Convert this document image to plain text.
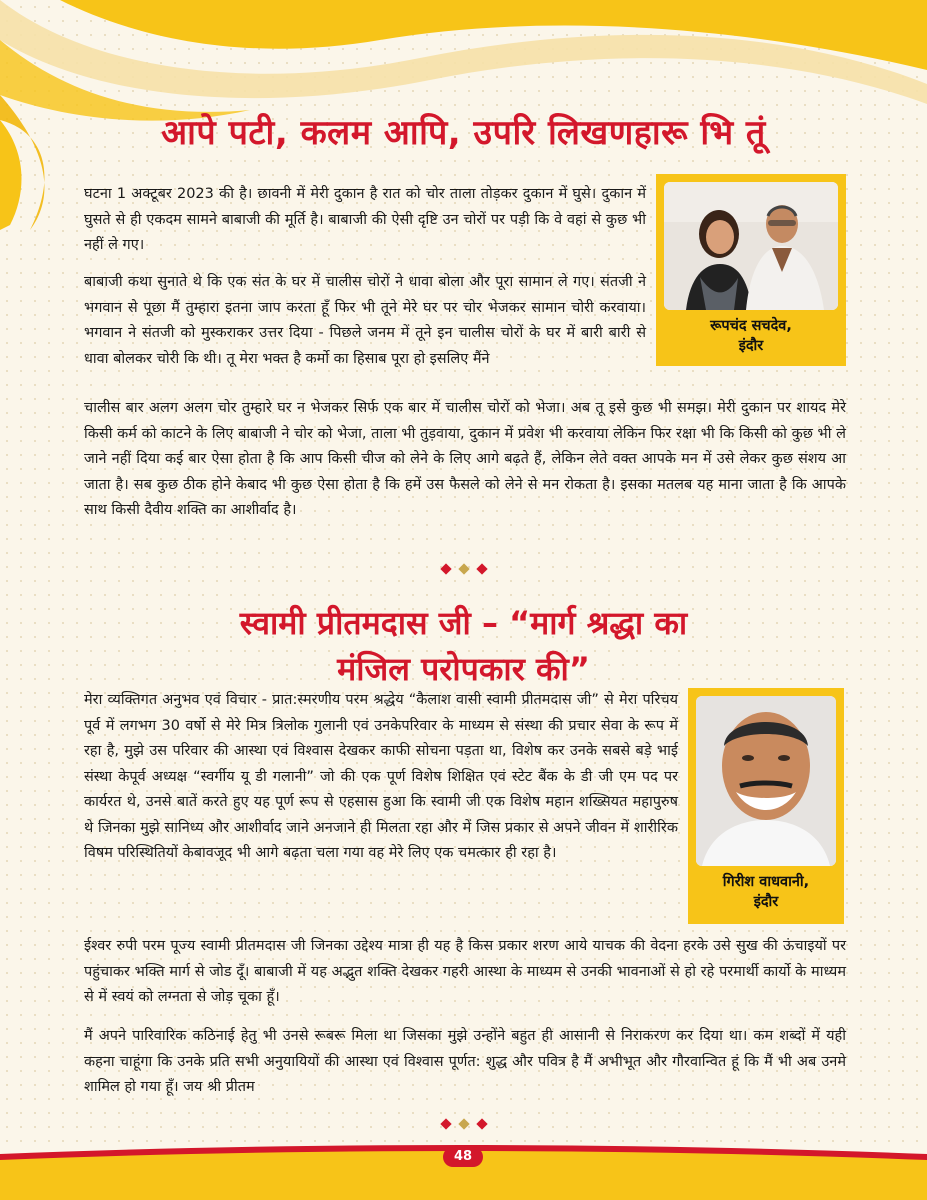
आपे पटी, कलम आपि, उपरि लिखणहारू भि तूं
रूपचंद सचदेव,
इंदौर

घटना 1 अक्टूबर 2023 की है। छावनी में मेरी दुकान है रात को चोर ताला तोड़कर दुकान में घुसे। दुकान में घुसते से ही एकदम सामने बाबाजी की मूर्ति है। बाबाजी की ऐसी दृष्टि उन चोरों पर पड़ी कि वे वहां से कुछ भी नहीं ले गए।

बाबाजी कथा सुनाते थे कि एक संत के घर में चालीस चोरों ने धावा बोला और पूरा सामान ले गए। संतजी ने भगवान से पूछा मैं तुम्हारा इतना जाप करता हूँ फिर भी तूने मेरे घर पर चोर भेजकर सामान चोरी करवाया। भगवान ने संतजी को मुस्कराकर उत्तर दिया - पिछले जनम में तूने इन चालीस चोरों के घर में बारी बारी से धावा बोलकर चोरी कि थी। तू मेरा भक्त है कर्मो का हिसाब पूरा हो इसलिए मैंने

चालीस बार अलग अलग चोर तुम्हारे घर न भेजकर सिर्फ एक बार में चालीस चोरों को भेजा। अब तू इसे कुछ भी समझ। मेरी दुकान पर शायद मेरे किसी कर्म को काटने के लिए बाबाजी ने चोर को भेजा, ताला भी तुड़वाया, दुकान में प्रवेश भी करवाया लेकिन फिर रक्षा भी कि किसी को कुछ भी ले जाने नहीं दिया कई बार ऐसा होता है कि आप किसी चीज को लेने के लिए आगे बढ़ते हैं, लेकिन लेते वक्त आपके मन में उसे लेकर कुछ संशय आ जाता है। सब कुछ ठीक होने केबाद भी कुछ ऐसा होता है कि हमें उस फैसले को लेने से मन रोकता है। इसका मतलब यह माना जाता है कि आपके साथ किसी दैवीय शक्ति का आशीर्वाद है।

स्वामी प्रीतमदास जी – “मार्ग श्रद्धा का
मंजिल परोपकार की”
गिरीश वाधवानी,
इंदौर

मेरा व्यक्तिगत अनुभव एवं विचार - प्रात:स्मरणीय परम श्रद्धेय “कैलाश वासी स्वामी प्रीतमदास जी” से मेरा परिचय पूर्व में लगभग 30 वर्षो से मेरे मित्र त्रिलोक गुलानी एवं उनकेपरिवार के माध्यम से संस्था की प्रचार सेवा के रूप में रहा है, मुझे उस परिवार की आस्था एवं विश्वास देखकर काफी सोचना पड़ता था, विशेष कर उनके सबसे बड़े भाई संस्था केपूर्व अध्यक्ष “स्वर्गीय यू डी गलानी” जो की एक पूर्ण विशेष शिक्षित एवं स्टेट बैंक के डी जी एम पद पर कार्यरत थे, उनसे बातें करते हुए यह पूर्ण रूप से एहसास हुआ कि स्वामी जी एक विशेष महान शख्सियत महापुरुष थे जिनका मुझे सानिध्य और आशीर्वाद जाने अनजाने ही मिलता रहा और में जिस प्रकार से अपने जीवन में शारीरिक विषम परिस्थितियों केबावजूद भी आगे बढ़ता चला गया वह मेरे लिए एक चमत्कार ही रहा है।

ईश्वर रुपी परम पूज्य स्वामी प्रीतमदास जी जिनका उद्देश्य मात्रा ही यह है किस प्रकार शरण आये याचक की वेदना हरके उसे सुख की ऊंचाइयों पर पहुंचाकर भक्ति मार्ग से जोड दूँ। बाबाजी में यह अद्भुत शक्ति देखकर गहरी आस्था के माध्यम से उनकी भावनाओं से हो रहे परमार्थी कार्यो के माध्यम से में स्वयं को लग्नता से जोड़ चूका हूँ।

मैं अपने पारिवारिक कठिनाई हेतु भी उनसे रूबरू मिला था जिसका मुझे उन्होंने बहुत ही आसानी से निराकरण कर दिया था। कम शब्दों में यही कहना चाहूंगा कि उनके प्रति सभी अनुयायियों की आस्था एवं विश्वास पूर्णत: शुद्ध और पवित्र है मैं अभीभूत और गौरवान्वित हूं कि मैं भी अब उनमे शामिल हो गया हूँ। जय श्री प्रीतम

48
